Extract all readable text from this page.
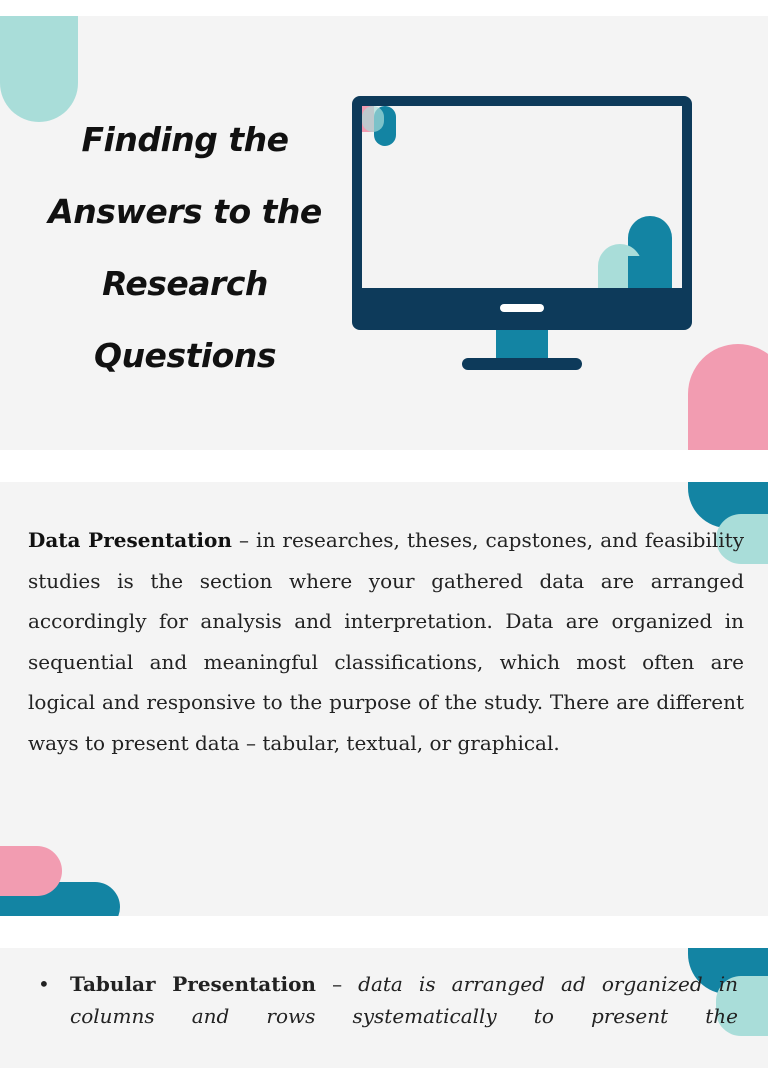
Finding the
Answers to the
Research
Questions

Data Presentation – in researches, theses, capstones, and feasibility studies is the section where your gathered data are arranged accordingly for analysis and interpretation. Data are organized in sequential and meaningful classifications, which most often are logical and responsive to the purpose of the study. There are different ways to present data – tabular, textual, or graphical.

• Tabular Presentation – data is arranged ad organized in columns and rows systematically to present the
